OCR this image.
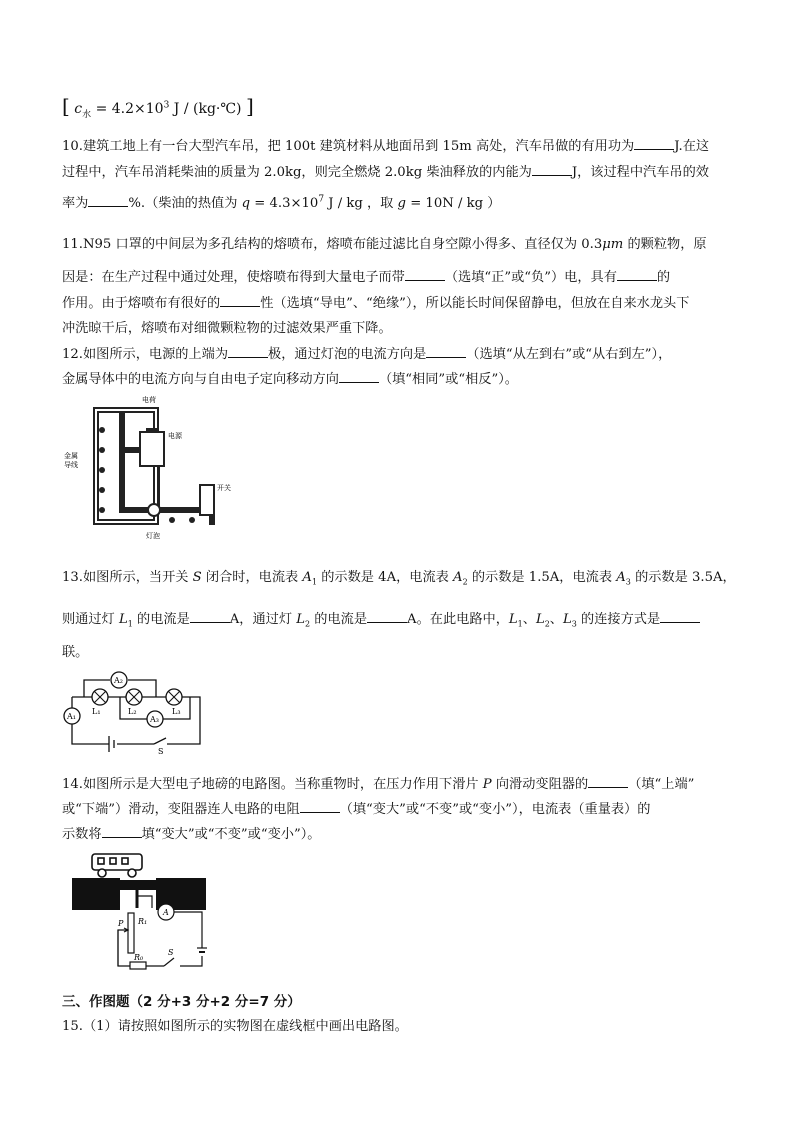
[ $c_水 = 4.2\times 10^3$ J / (kg·℃) ]
10.建筑工地上有一台大型汽车吊，把 100t 建筑材料从地面吊到 15m 高处，汽车吊做的有用功为	J.在这
过程中，汽车吊消耗柴油的质量为 2.0kg，则完全燃烧 2.0kg 柴油释放的内能为	J，该过程中汽车吊的效
率为	%.（柴油的热值为 $q = 4.3\times 10^7$ J / kg ，取 g = 10N / kg ）
11.N95 口罩的中间层为多孔结构的熔喷布，熔喷布能过滤比自身空隙小得多、直径仅为 0.3μm 的颗粒物，原
因是：在生产过程中通过处理，使熔喷布得到大量电子而带	（选填“正”或“负”）电，具有	的
作用。由于熔喷布有很好的	性（选填“导电”、“绝缘”），所以能长时间保留静电，但放在自来水龙头下
冲洗晾干后，熔喷布对细微颗粒物的过滤效果严重下降。
12.如图所示，电源的上端为	极，通过灯泡的电流方向是	（选填“从左到右”或“从右到左”），
金属导体中的电流方向与自由电子定向移动方向	（填“相同”或“相反”）。
电荷
电源
金属导线
开关
灯泡
13.如图所示，当开关 S 闭合时，电流表 $A_1$ 的示数是 4A，电流表 $A_2$ 的示数是 1.5A，电流表 $A_3$ 的示数是 3.5A，
则通过灯 $L_1$ 的电流是	A，通过灯 $L_2$ 的电流是	A。在此电路中，$L_1$、$L_2$、$L_3$ 的连接方式是
联。
A₂
A₃
A₁
L₁	L₂	L₃
S
14.如图所示是大型电子地磅的电路图。当称重物时，在压力作用下滑片 P 向滑动变阻器的	（填“上端”
或“下端”）滑动，变阻器连人电路的电阻	（填“变大”或“不变”或“变小”），电流表（重量表）的
示数将	填“变大”或“不变”或“变小”）。
A
R₁
R₀
P
S
三、作图题（2 分+3 分+2 分=7 分）
15.（1）请按照如图所示的实物图在虚线框中画出电路图。
